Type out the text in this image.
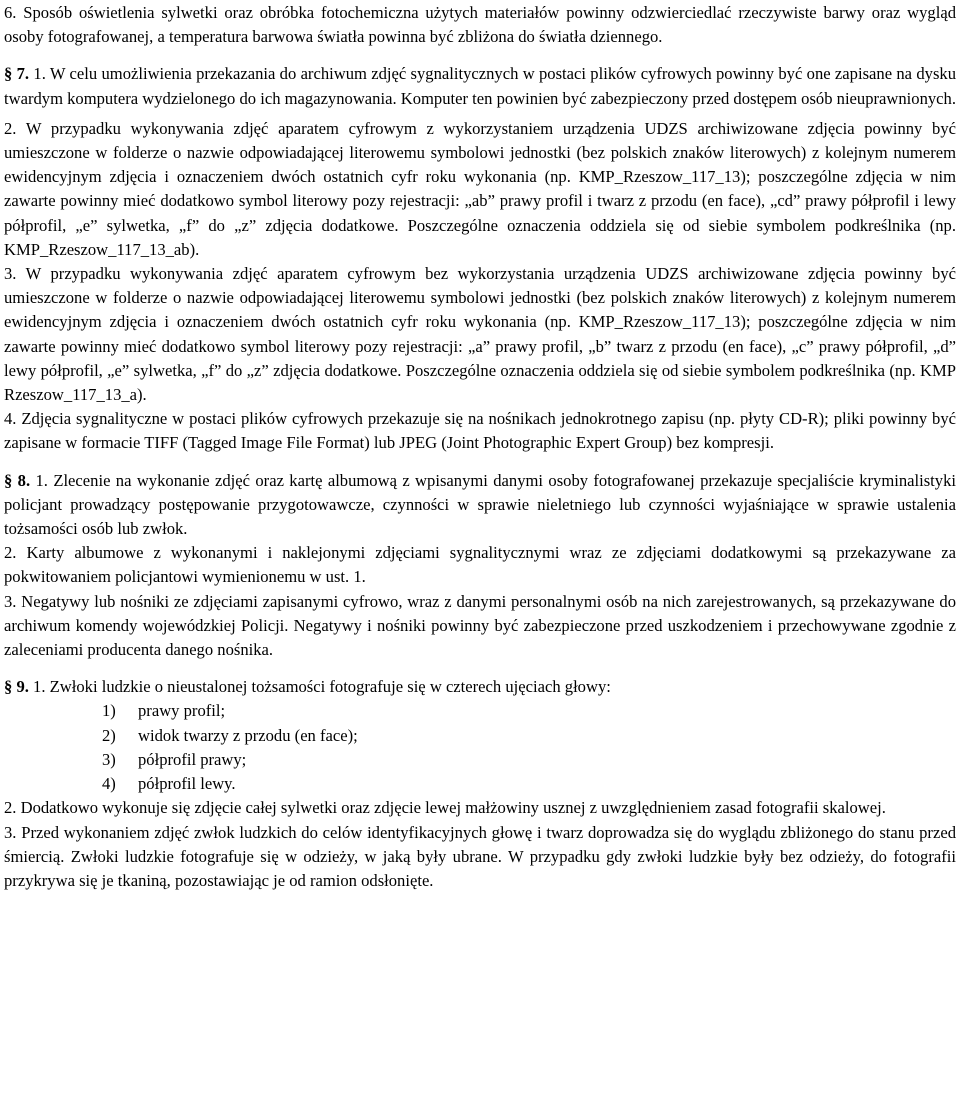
6. Sposób oświetlenia sylwetki oraz obróbka fotochemiczna użytych materiałów powinny odzwierciedlać rzeczywiste barwy oraz wygląd osoby fotografowanej, a temperatura barwowa światła powinna być zbliżona do światła dziennego.

§ 7. 1. W celu umożliwienia przekazania do archiwum zdjęć sygnalitycznych w postaci plików cyfrowych powinny być one zapisane na dysku twardym komputera wydzielonego do ich magazynowania. Komputer ten powinien być zabezpieczony przed dostępem osób nieuprawnionych.

2. W przypadku wykonywania zdjęć aparatem cyfrowym z wykorzystaniem urządzenia UDZS archiwizowane zdjęcia powinny być umieszczone w folderze o nazwie odpowiadającej literowemu symbolowi jednostki (bez polskich znaków literowych) z kolejnym numerem ewidencyjnym zdjęcia i oznaczeniem dwóch ostatnich cyfr roku wykonania (np. KMP_Rzeszow_117_13); poszczególne zdjęcia w nim zawarte powinny mieć dodatkowo symbol literowy pozy rejestracji: „ab” prawy profil i twarz z przodu (en face), „cd” prawy półprofil i lewy półprofil, „e” sylwetka, „f” do „z” zdjęcia dodatkowe. Poszczególne oznaczenia oddziela się od siebie symbolem podkreślnika (np. KMP_Rzeszow_117_13_ab).

3. W przypadku wykonywania zdjęć aparatem cyfrowym bez wykorzystania urządzenia UDZS archiwizowane zdjęcia powinny być umieszczone w folderze o nazwie odpowiadającej literowemu symbolowi jednostki (bez polskich znaków literowych) z kolejnym numerem ewidencyjnym zdjęcia i oznaczeniem dwóch ostatnich cyfr roku wykonania (np. KMP_Rzeszow_117_13); poszczególne zdjęcia w nim zawarte powinny mieć dodatkowo symbol literowy pozy rejestracji: „a” prawy profil, „b” twarz z przodu (en face), „c” prawy półprofil, „d” lewy półprofil, „e” sylwetka, „f” do „z” zdjęcia dodatkowe. Poszczególne oznaczenia oddziela się od siebie symbolem podkreślnika (np. KMP Rzeszow_117_13_a).

4. Zdjęcia sygnalityczne w postaci plików cyfrowych przekazuje się na nośnikach jednokrotnego zapisu (np. płyty CD-R); pliki powinny być zapisane w formacie TIFF (Tagged Image File Format) lub JPEG (Joint Photographic Expert Group) bez kompresji.

§ 8. 1. Zlecenie na wykonanie zdjęć oraz kartę albumową z wpisanymi danymi osoby fotografowanej przekazuje specjaliście kryminalistyki policjant prowadzący postępowanie przygotowawcze, czynności w sprawie nieletniego lub czynności wyjaśniające w sprawie ustalenia tożsamości osób lub zwłok.

2. Karty albumowe z wykonanymi i naklejonymi zdjęciami sygnalitycznymi wraz ze zdjęciami dodatkowymi są przekazywane za pokwitowaniem policjantowi wymienionemu w ust. 1.

3. Negatywy lub nośniki ze zdjęciami zapisanymi cyfrowo, wraz z danymi personalnymi osób na nich zarejestrowanych, są przekazywane do archiwum komendy wojewódzkiej Policji. Negatywy i nośniki powinny być zabezpieczone przed uszkodzeniem i przechowywane zgodnie z zaleceniami producenta danego nośnika.

§ 9. 1. Zwłoki ludzkie o nieustalonej tożsamości fotografuje się w czterech ujęciach głowy:

1) prawy profil;
2) widok twarzy z przodu (en face);
3) półprofil prawy;
4) półprofil lewy.

2. Dodatkowo wykonuje się zdjęcie całej sylwetki oraz zdjęcie lewej małżowiny usznej z uwzględnieniem zasad fotografii skalowej.

3. Przed wykonaniem zdjęć zwłok ludzkich do celów identyfikacyjnych głowę i twarz doprowadza się do wyglądu zbliżonego do stanu przed śmiercią. Zwłoki ludzkie fotografuje się w odzieży, w jaką były ubrane. W przypadku gdy zwłoki ludzkie były bez odzieży, do fotografii przykrywa się je tkaniną, pozostawiając je od ramion odsłonięte.
